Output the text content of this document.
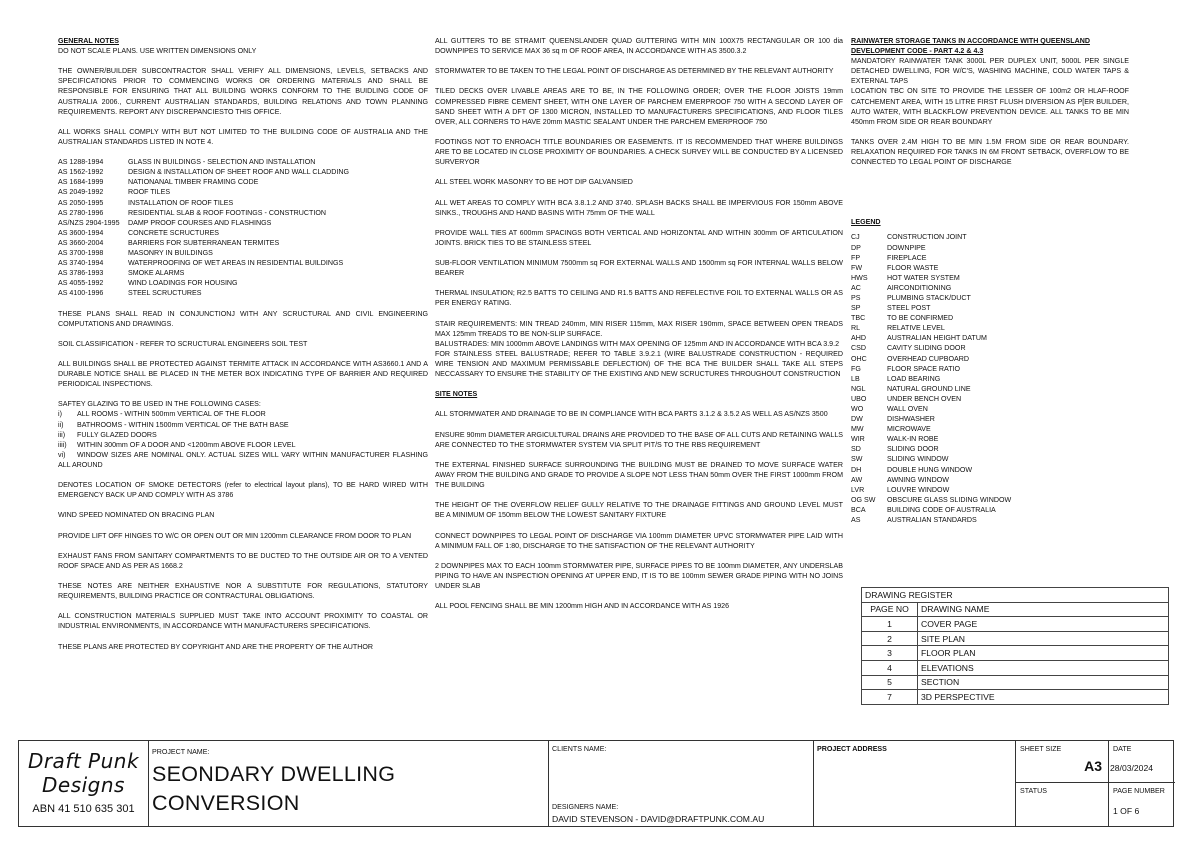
GENERAL NOTES
DO NOT SCALE PLANS. USE WRITTEN DIMENSIONS ONLY
THE OWNER/BUILDER SUBCONTRACTOR SHALL VERIFY ALL DIMENSIONS, LEVELS, SETBACKS AND SPECIFICATIONS PRIOR TO COMMENCING WORKS OR ORDERING MATERIALS AND SHALL BE RESPONSIBLE FOR ENSURING THAT ALL BUILDING WORKS CONFORM TO THE BUIDLING CODE OF AUSTRALIA 2006., CURRENT AUSTRALIAN STANDARDS, BUILDING RELATIONS AND TOWN PLANNING REQUIREMENTS. REPORT ANY DISCREPANCIESTO THIS OFFICE.
ALL WORKS SHALL COMPLY WITH BUT NOT LIMITED TO THE BUILDING CODE OF AUSTRALIA AND THE AUSTRALIAN STANDARDS LISTED IN NOTE 4.
AS 1288-1994	GLASS IN BUILDINGS - SELECTION AND INSTALLATION
AS 1562-1992	DESIGN & INSTALLATION OF SHEET ROOF AND WALL CLADDING
AS 1684-1999	NATIONANAL TIMBER FRAMING CODE
AS 2049-1992	ROOF TILES
AS 2050-1995	INSTALLATION OF ROOF TILES
AS 2780-1996	RESIDENTIAL SLAB & ROOF FOOTINGS - CONSTRUCTION
AS/NZS 2904-1995	DAMP PROOF COURSES AND FLASHINGS
AS 3600-1994	CONCRETE SCRUCTURES
AS 3660-2004	BARRIERS FOR SUBTERRANEAN TERMITES
AS 3700-1998	MASONRY IN BUILDINGS
AS 3740-1994	WATERPROOFING OF WET AREAS IN RESIDENTIAL BUILDINGS
AS 3786-1993	SMOKE ALARMS
AS 4055-1992	WIND LOADINGS FOR HOUSING
AS 4100-1996	STEEL SCRUCTURES
THESE PLANS SHALL READ IN CONJUNCTIONJ WITH ANY SCRUCTURAL AND CIVIL ENGINEERING COMPUTATIONS AND DRAWINGS.
SOIL CLASSIFICATION - REFER TO SCRUCTURAL ENGINEERS SOIL TEST
ALL BUILDINGS SHALL BE PROTECTED AGAINST TERMITE ATTACK IN ACCORDANCE WITH AS3660.1 AND A DURABLE NOTICE SHALL BE PLACED IN THE METER BOX INDICATING TYPE OF BARRIER AND REQUIRED PERIODICAL INSPECTIONS.
SAFTEY GLAZING TO BE USED IN THE FOLLOWING CASES:
i)	ALL ROOMS - WITHIN 500mm VERTICAL OF THE FLOOR
ii)	BATHROOMS - WITHIN 1500mm VERTICAL OF THE BATH BASE
iii)	FULLY GLAZED DOORS
iiii)	WITHIN 300mm OF A DOOR AND <1200mm ABOVE FLOOR LEVEL
vi) WINDOW SIZES ARE NOMINAL ONLY. ACTUAL SIZES WILL VARY WITHIN MANUFACTURER FLASHING ALL AROUND
DENOTES LOCATION OF SMOKE DETECTORS (refer to electrical layout plans), TO BE HARD WIRED WITH EMERGENCY BACK UP AND COMPLY WITH AS 3786
WIND SPEED NOMINATED ON BRACING PLAN
PROVIDE LIFT OFF HINGES TO W/C OR OPEN OUT OR MIN 1200mm CLEARANCE FROM DOOR TO PLAN
EXHAUST FANS FROM SANITARY COMPARTMENTS TO BE DUCTED TO THE OUTSIDE AIR OR TO A VENTED ROOF SPACE AND AS PER AS 1668.2
THESE NOTES ARE NEITHER EXHAUSTIVE NOR A SUBSTITUTE FOR REGULATIONS, STATUTORY REQUIREMENTS, BUILDING PRACTICE OR CONTRACTURAL OBLIGATIONS.
ALL CONSTRUCTION MATERIALS SUPPLIED MUST TAKE INTO ACCOUNT PROXIMITY TO COASTAL OR INDUSTRIAL ENVIRONMENTS, IN ACCORDANCE WITH MANUFACTURERS SPECIFICATIONS.
THESE PLANS ARE PROTECTED BY COPYRIGHT AND ARE THE PROPERTY OF THE AUTHOR
ALL GUTTERS TO BE STRAMIT QUEENSLANDER QUAD GUTTERING WITH MIN 100X75 RECTANGULAR OR 100 dia DOWNPIPES TO SERVICE MAX 36 sq m OF ROOF AREA, IN ACCORDANCE WITH AS 3500.3.2
STORMWATER TO BE TAKEN TO THE LEGAL POINT OF DISCHARGE AS DETERMINED BY THE RELEVANT AUTHORITY
TILED DECKS OVER LIVABLE AREAS ARE TO BE, IN THE FOLLOWING ORDER; OVER THE FLOOR JOISTS 19mm COMPRESSED FIBRE CEMENT SHEET, WITH ONE LAYER OF PARCHEM EMERPROOF 750 WITH A SECOND LAYER OF SAND SHEET WITH A DFT OF 1300 MICRON, INSTALLED TO MANUFACTURERS SPECIFICATIONS, AND FLOOR TILES OVER, ALL CORNERS TO HAVE 20mm MASTIC SEALANT UNDER THE PARCHEM EMERPROOF 750
FOOTINGS NOT TO ENROACH TITLE BOUNDARIES OR EASEMENTS. IT IS RECOMMENDED THAT WHERE BUILDINGS ARE TO BE LOCATED IN CLOSE PROXIMITY OF BOUNDARIES. A CHECK SURVEY WILL BE CONDUCTED BY A LICENSED SURVERYOR
ALL STEEL WORK MASONRY TO BE HOT DIP GALVANSIED
ALL WET AREAS TO COMPLY WITH BCA 3.8.1.2 AND 3740. SPLASH BACKS SHALL BE IMPERVIOUS FOR 150mm ABOVE SINKS., TROUGHS AND HAND BASINS WITH 75mm OF THE WALL
PROVIDE WALL TIES AT 600mm SPACINGS BOTH VERTICAL AND HORIZONTAL AND WITHIN 300mm OF ARTICULATION JOINTS. BRICK TIES TO BE STAINLESS STEEL
SUB-FLOOR VENTILATION MINIMUM 7500mm sq FOR EXTERNAL WALLS AND 1500mm sq FOR INTERNAL WALLS BELOW BEARER
THERMAL INSULATION; R2.5 BATTS TO CEILING AND R1.5 BATTS AND REFELECTIVE FOIL TO EXTERNAL WALLS OR AS PER ENERGY RATING.
STAIR REQUIREMENTS: MIN TREAD 240mm, MIN RISER 115mm, MAX RISER 190mm, SPACE BETWEEN OPEN TREADS MAX 125mm TREADS TO BE NON-SLIP SURFACE.
BALUSTRADES: MIN 1000mm ABOVE LANDINGS WITH MAX OPENING OF 125mm AND IN ACCORDANCE WITH BCA 3.9.2
FOR STAINLESS STEEL BALUSTRADE; REFER TO TABLE 3.9.2.1 (WIRE BALUSTRADE CONSTRUCTION - REQUIRED WIRE TENSION AND MAXIMUM PERMISSABLE DEFLECTION) OF THE BCA THE BUILDER SHALL TAKE ALL STEPS NECCASSARY TO ENSURE THE STABILITY OF THE EXISTING AND NEW SCRUCTURES THROUGHOUT CONSTRUCTION
SITE NOTES
ALL STORMWATER AND DRAINAGE TO BE IN COMPLIANCE WITH BCA PARTS 3.1.2 & 3.5.2 AS WELL AS AS/NZS 3500
ENSURE 90mm DIAMETER ARGICULTURAL DRAINS ARE PROVIDED TO THE BASE OF ALL CUTS AND RETAINING WALLS ARE CONNECTED TO THE STORMWATER SYSTEM VIA SPLIT PIT/S TO THE RBS REQUIREMENT
THE EXTERNAL FINISHED SURFACE SURROUNDING THE BUILDING MUST BE DRAINED TO MOVE SURFACE WATER AWAY FROM THE BUILDING AND GRADE TO PROVIDE A SLOPE NOT LESS THAN 50mm OVER THE FIRST 1000mm FROM THE BUILDING
THE HEIGHT OF THE OVERFLOW RELIEF GULLY RELATIVE TO THE DRAINAGE FITTINGS AND GROUND LEVEL MUST BE A MINIMUM OF 150mm BELOW THE LOWEST SANITARY FIXTURE
CONNECT DOWNPIPES TO LEGAL POINT OF DISCHARGE VIA 100mm DIAMETER UPVC STORMWATER PIPE LAID WITH A MINIMUM FALL OF 1:80, DISCHARGE TO THE SATISFACTION OF THE RELEVANT AUTHORITY
2 DOWNPIPES MAX TO EACH 100mm STORMWATER PIPE, SURFACE PIPES TO BE 100mm DIAMETER, ANY UNDERSLAB PIPING TO HAVE AN INSPECTION OPENING AT UPPER END, IT IS TO BE 100mm SEWER GRADE PIPING WITH NO JOINS UNDER SLAB
ALL POOL FENCING SHALL BE MIN 1200mm HIGH AND IN ACCORDANCE WITH AS 1926
RAINWATER STORAGE TANKS IN ACCORDANCE WITH QUEENSLAND DEVELOPMENT CODE - PART 4.2 & 4.3
MANDATORY RAINWATER TANK 3000L PER DUPLEX UNIT, 5000L PER SINGLE DETACHED DWELLING, FOR W/C'S, WASHING MACHINE, COLD WATER TAPS & EXTERNAL TAPS
LOCATION TBC ON SITE TO PROVIDE THE LESSER OF 100m2 OR HLAF-ROOF CATCHEMENT AREA, WITH 15 LITRE FIRST FLUSH DIVERSION AS P[ER BUILDER, AUTO WATER, WITH BLACKFLOW PREVENTION DEVICE. ALL TANKS TO BE MIN 450mm FROM SIDE OR REAR BOUNDARY
TANKS OVER 2.4M HIGH TO BE MIN 1.5M FROM SIDE OR REAR BOUNDARY. RELAXATION REQUIRED FOR TANKS IN 6M FRONT SETBACK, OVERFLOW TO BE CONNECTED TO LEGAL POINT OF DISCHARGE
LEGEND
CJ	CONSTRUCTION JOINT
DP	DOWNPIPE
FP	FIREPLACE
FW	FLOOR WASTE
HWS	HOT WATER SYSTEM
AC	AIRCONDITIONING
PS	PLUMBING STACK/DUCT
SP	STEEL POST
TBC	TO BE CONFIRMED
RL	RELATIVE LEVEL
AHD	AUSTRALIAN HEIGHT DATUM
CSD	CAVITY SLIDING DOOR
OHC	OVERHEAD CUPBOARD
FG	FLOOR SPACE RATIO
LB	LOAD BEARING
NGL	NATURAL GROUND LINE
UBO	UNDER BENCH OVEN
WO	WALL OVEN
DW	DISHWASHER
MW	MICROWAVE
WIR	WALK-IN ROBE
SD	SLIDING DOOR
SW	SLIDING WINDOW
DH	DOUBLE HUNG WINDOW
AW	AWNING WINDOW
LVR	LOUVRE WINDOW
OG SW	OBSCURE GLASS SLIDING WINDOW
BCA	BUILDING CODE OF AUSTRALIA
AS	AUSTRALIAN STANDARDS
DRAWING REGISTER	
PAGE NO	DRAWING NAME
1	COVER PAGE
2	SITE PLAN
3	FLOOR PLAN
4	ELEVATIONS
5	SECTION
7	3D PERSPECTIVE
Draft Punk
Designs
ABN 41 510 635 301
PROJECT NAME:
SEONDARY DWELLING
CONVERSION
CLIENTS NAME:
DESIGNERS NAME:
DAVID STEVENSON - DAVID@DRAFTPUNK.COM.AU
PROJECT ADDRESS	SHEET SIZE
A3
STATUS
DATE
28/03/2024
PAGE NUMBER
1 OF 6
